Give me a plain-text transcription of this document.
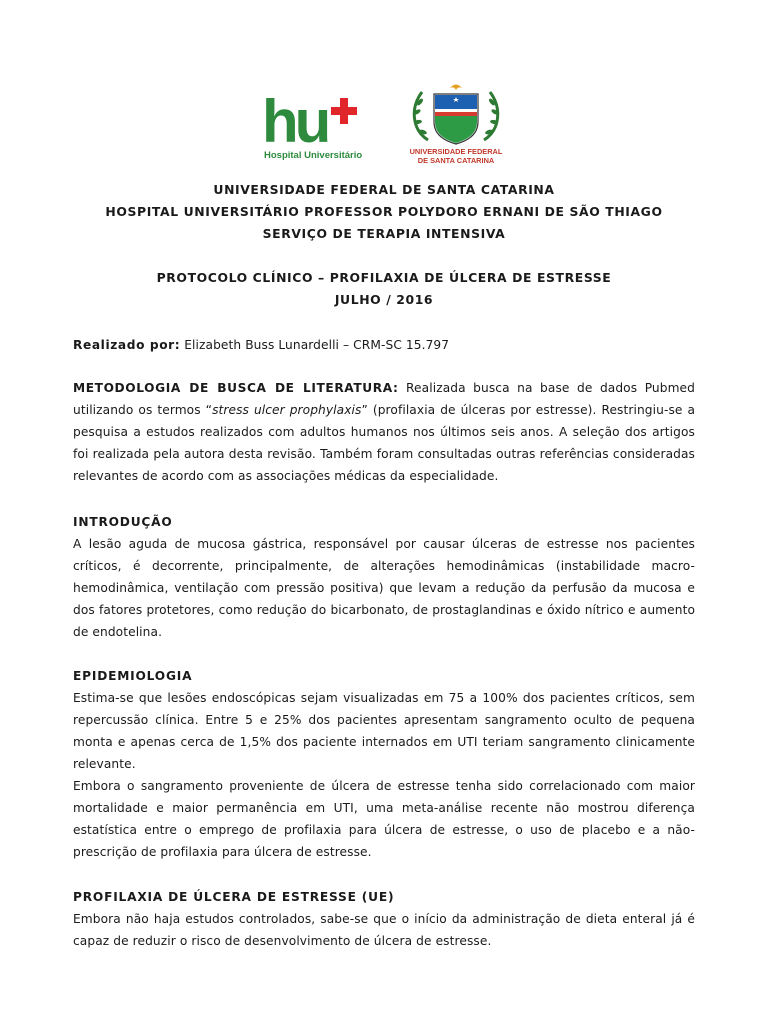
hu
Hospital Universitário	UNIVERSIDADE FEDERAL
DE SANTA CATARINA
UNIVERSIDADE FEDERAL DE SANTA CATARINA
HOSPITAL UNIVERSITÁRIO PROFESSOR POLYDORO ERNANI DE SÃO THIAGO
SERVIÇO DE TERAPIA INTENSIVA
PROTOCOLO CLÍNICO – PROFILAXIA DE ÚLCERA DE ESTRESSE
JULHO / 2016

Realizado por: Elizabeth Buss Lunardelli – CRM-SC 15.797

METODOLOGIA DE BUSCA DE LITERATURA: Realizada busca na base de dados Pubmed utilizando os termos “stress ulcer prophylaxis” (profilaxia de úlceras por estresse). Restringiu-se a pesquisa a estudos realizados com adultos humanos nos últimos seis anos. A seleção dos artigos foi realizada pela autora desta revisão. Também foram consultadas outras referências consideradas relevantes de acordo com as associações médicas da especialidade.

INTRODUÇÃO

A lesão aguda de mucosa gástrica, responsável por causar úlceras de estresse nos pacientes críticos, é decorrente, principalmente, de alterações hemodinâmicas (instabilidade macro-hemodinâmica, ventilação com pressão positiva) que levam a redução da perfusão da mucosa e dos fatores protetores, como redução do bicarbonato, de prostaglandinas e óxido nítrico e aumento de endotelina.

EPIDEMIOLOGIA

Estima-se que lesões endoscópicas sejam visualizadas em 75 a 100% dos pacientes críticos, sem repercussão clínica. Entre 5 e 25% dos pacientes apresentam sangramento oculto de pequena monta e apenas cerca de 1,5% dos paciente internados em UTI teriam sangramento clinicamente relevante.

Embora o sangramento proveniente de úlcera de estresse tenha sido correlacionado com maior mortalidade e maior permanência em UTI, uma meta-análise recente não mostrou diferença estatística entre o emprego de profilaxia para úlcera de estresse, o uso de placebo e a não-prescrição de profilaxia para úlcera de estresse.

PROFILAXIA DE ÚLCERA DE ESTRESSE (UE)

Embora não haja estudos controlados, sabe-se que o início da administração de dieta enteral já é capaz de reduzir o risco de desenvolvimento de úlcera de estresse.
